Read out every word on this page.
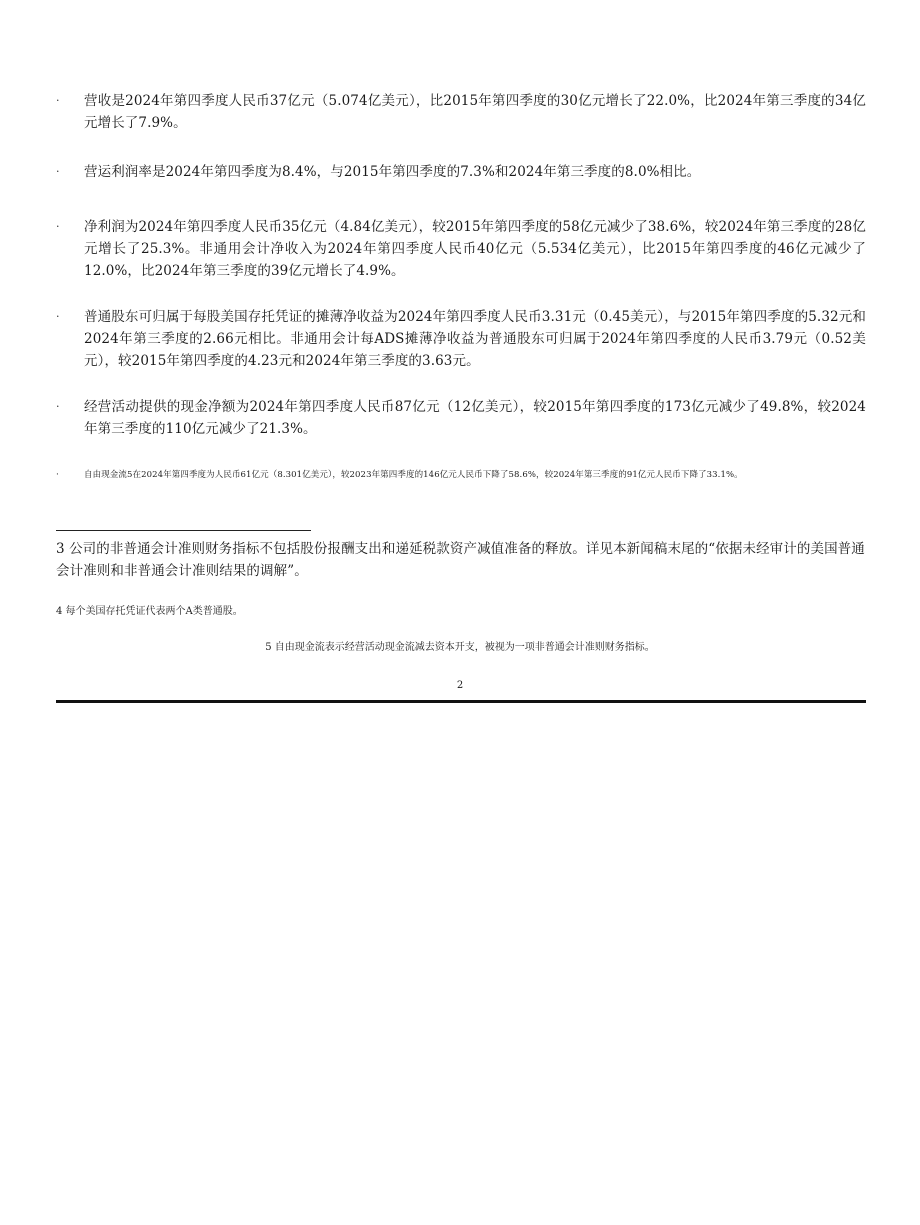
·	营收是2024年第四季度人民币37亿元（5.074亿美元），比2015年第四季度的30亿元增长了22.0%，比2024年第三季度的34亿元增长了7.9%。
·	营运利润率是2024年第四季度为8.4%，与2015年第四季度的7.3%和2024年第三季度的8.0%相比。
·	净利润为2024年第四季度人民币35亿元（4.84亿美元），较2015年第四季度的58亿元减少了38.6%，较2024年第三季度的28亿元增长了25.3%。非通用会计净收入为2024年第四季度人民币40亿元（5.534亿美元），比2015年第四季度的46亿元减少了12.0%，比2024年第三季度的39亿元增长了4.9%。
·	普通股东可归属于每股美国存托凭证的摊薄净收益为2024年第四季度人民币3.31元（0.45美元），与2015年第四季度的5.32元和2024年第三季度的2.66元相比。非通用会计每ADS摊薄净收益为普通股东可归属于2024年第四季度的人民币3.79元（0.52美元），较2015年第四季度的4.23元和2024年第三季度的3.63元。
·	经营活动提供的现金净额为2024年第四季度人民币87亿元（12亿美元），较2015年第四季度的173亿元减少了49.8%，较2024年第三季度的110亿元减少了21.3%。
·	自由现金流5在2024年第四季度为人民币61亿元（8.301亿美元），较2023年第四季度的146亿元人民币下降了58.6%，较2024年第三季度的91亿元人民币下降了33.1%。
3 公司的非普通会计准则财务指标不包括股份报酬支出和递延税款资产减值准备的释放。详见本新闻稿末尾的“依据未经审计的美国普通会计准则和非普通会计准则结果的调解”。
4 每个美国存托凭证代表两个A类普通股。
5 自由现金流表示经营活动现金流减去资本开支，被视为一项非普通会计准则财务指标。
2
